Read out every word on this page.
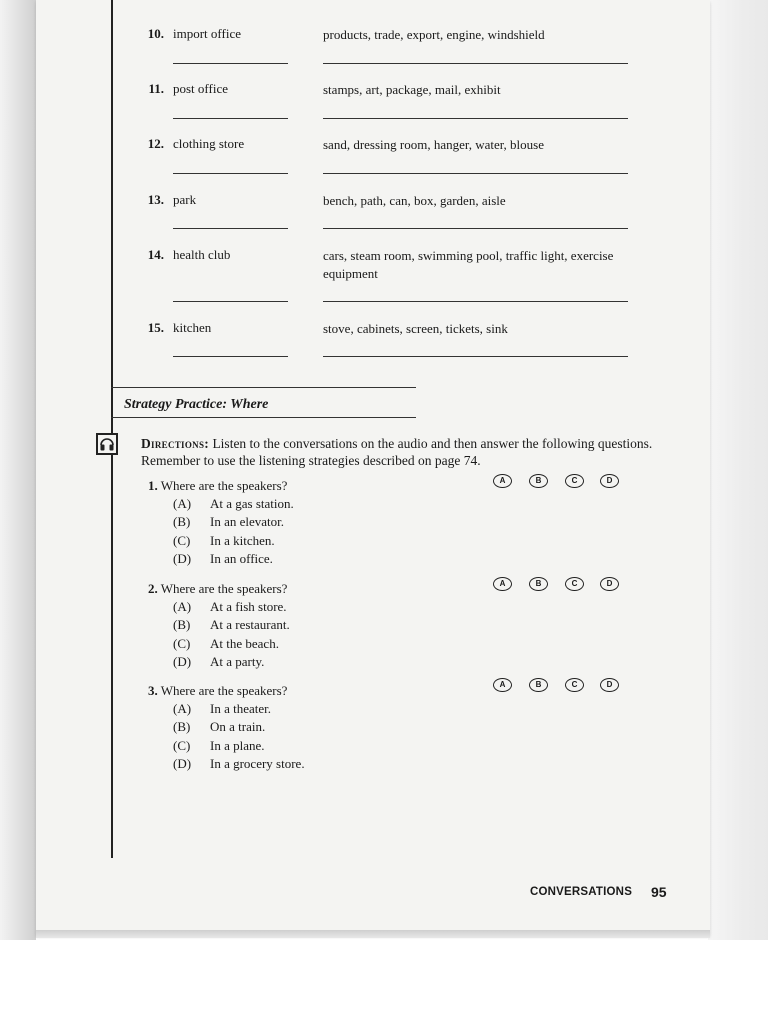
10. import office	products, trade, export, engine, windshield
11. post office	stamps, art, package, mail, exhibit
12. clothing store	sand, dressing room, hanger, water, blouse
13. park	bench, path, can, box, garden, aisle
14. health club	cars, steam room, swimming pool, traffic light, exercise equipment
15. kitchen	stove, cabinets, screen, tickets, sink
Strategy Practice: Where
Directions: Listen to the conversations on the audio and then answer the following questions. Remember to use the listening strategies described on page 74.
1. Where are the speakers?
(A) At a gas station.
(B) In an elevator.
(C) In a kitchen.
(D) In an office.
A	B	C	D
2. Where are the speakers?
(A) At a fish store.
(B) At a restaurant.
(C) At the beach.
(D) At a party.
A	B	C	D
3. Where are the speakers?
(A) In a theater.
(B) On a train.
(C) In a plane.
(D) In a grocery store.
A	B	C	D
CONVERSATIONS 95
